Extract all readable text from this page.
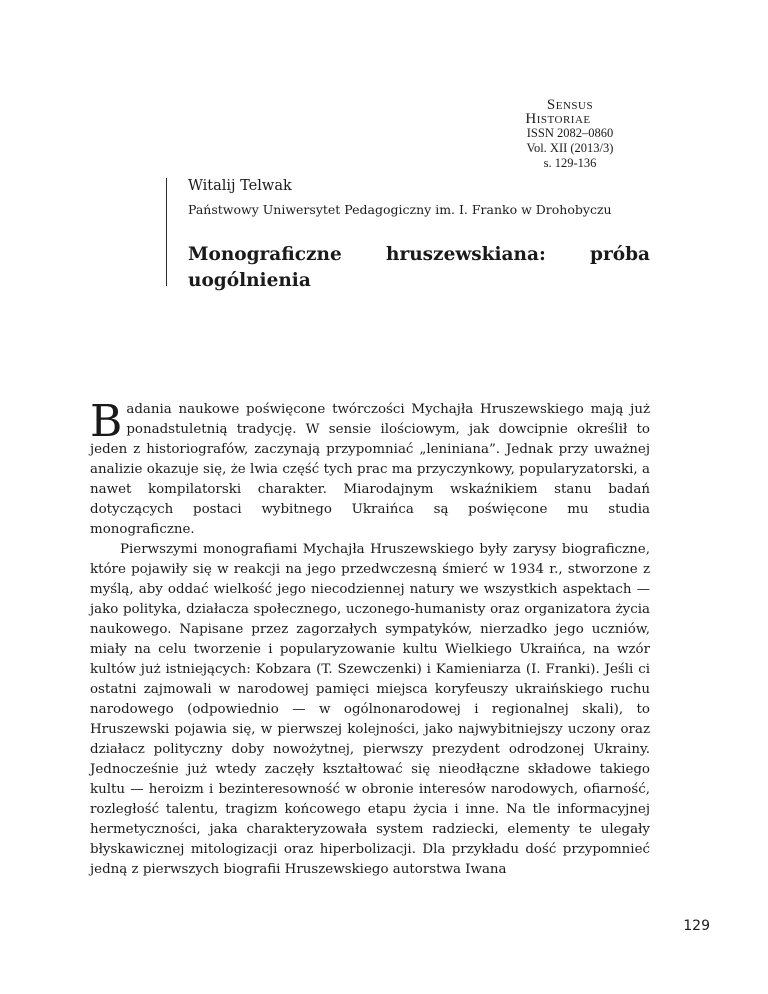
Sensus
Historiae
ISSN 2082–0860
Vol. XII (2013/3)
s. 129-136
Witalij Telwak
Państwowy Uniwersytet Pedagogiczny im. I. Franko w Drohobyczu
Monograficzne hruszewskiana: próba uogólnienia

Badania naukowe poświęcone twórczości Mychajła Hruszewskiego mają już ponadstuletnią tradycję. W sensie ilościowym, jak dowcipnie określił to jeden z historiografów, zaczynają przypomniać „leniniana”. Jednak przy uważnej analizie okazuje się, że lwia część tych prac ma przyczynkowy, popularyzatorski, a nawet kompilatorski charakter. Miarodajnym wskaźnikiem stanu badań dotyczących postaci wybitnego Ukraińca są poświęcone mu studia monograficzne.

Pierwszymi monografiami Mychajła Hruszewskiego były zarysy biograficzne, które pojawiły się w reakcji na jego przedwczesną śmierć w 1934 r., stworzone z myślą, aby oddać wielkość jego niecodziennej natury we wszystkich aspektach — jako polityka, działacza społecznego, uczonego-humanisty oraz organizatora życia naukowego. Napisane przez zagorzałych sympatyków, nierzadko jego uczniów, miały na celu tworzenie i popularyzowanie kultu Wielkiego Ukraińca, na wzór kultów już istniejących: Kobzara (T. Szewczenki) i Kamieniarza (I. Franki). Jeśli ci ostatni zajmowali w narodowej pamięci miejsca koryfeuszy ukraińskiego ruchu narodowego (odpowiednio — w ogólnonarodowej i regionalnej skali), to Hruszewski pojawia się, w pierwszej kolejności, jako najwybitniejszy uczony oraz działacz polityczny doby nowożytnej, pierwszy prezydent odrodzonej Ukrainy. Jednocześnie już wtedy zaczęły kształtować się nieodłączne składowe takiego kultu — heroizm i bezinteresowność w obronie interesów narodowych, ofiarność, rozległość talentu, tragizm końcowego etapu życia i inne. Na tle informacyjnej hermetyczności, jaka charakteryzowała system radziecki, elementy te ulegały błyskawicznej mitologizacji oraz hiperbolizacji. Dla przykładu dość przypomnieć jedną z pierwszych biografii Hruszewskiego autorstwa Iwana

129
